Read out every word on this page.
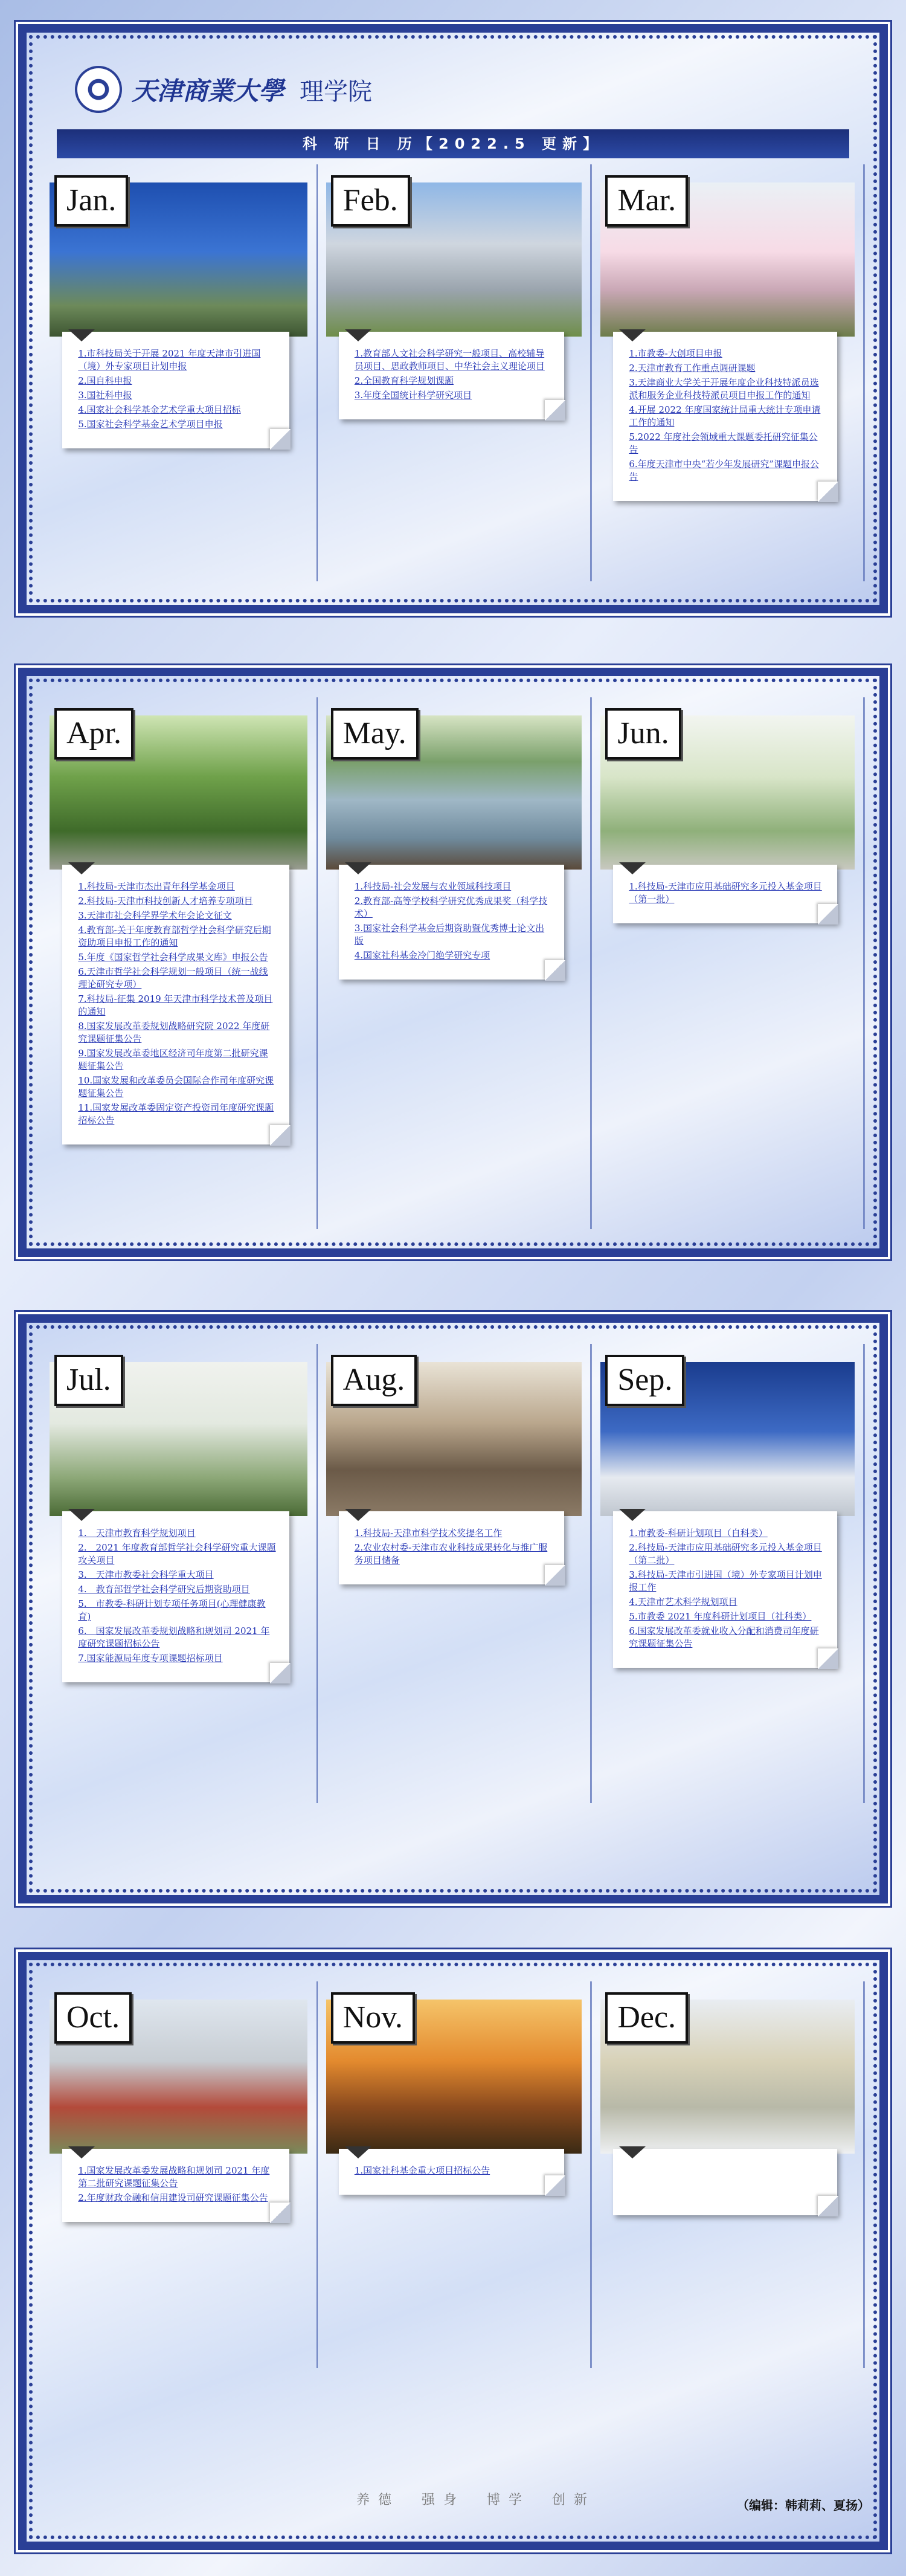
天津商業大學 理学院
科 研 日 历【2022.5 更新】
Jan.
1.市科技局关于开展 2021 年度天津市引进国（境）外专家项目计划申报
2.国自科申报
3.国社科申报
4.国家社会科学基金艺术学重大项目招标
5.国家社会科学基金艺术学项目申报
Feb.
1.教育部人文社会科学研究一般项目、高校辅导员项目、思政教师项目、中华社会主义理论项目
2.全国教育科学规划课题
3.年度全国统计科学研究项目
Mar.
1.市教委-大创项目申报
2.天津市教育工作重点调研课题
3.天津商业大学关于开展年度企业科技特派员选派和服务企业科技特派员项目申报工作的通知
4.开展 2022 年度国家统计局重大统计专项申请工作的通知
5.2022 年度社会领域重大课题委托研究征集公告
6.年度天津市中央“若少年发展研究”课题申报公告
Apr.
1.科技局-天津市杰出青年科学基金项目
2.科技局-天津市科技创新人才培养专项项目
3.天津市社会科学界学术年会论文征文
4.教育部-关于年度教育部哲学社会科学研究后期资助项目申报工作的通知
5.年度《国家哲学社会科学成果文库》申报公告
6.天津市哲学社会科学规划一般项目（统一战线理论研究专项）
7.科技局-征集 2019 年天津市科学技术普及项目的通知
8.国家发展改革委规划战略研究院 2022 年度研究课题征集公告
9.国家发展改革委地区经济司年度第二批研究课题征集公告
10.国家发展和改革委员会国际合作司年度研究课题征集公告
11.国家发展改革委固定资产投资司年度研究课题招标公告
May.
1.科技局-社会发展与农业领域科技项目
2.教育部-高等学校科学研究优秀成果奖（科学技术）
3.国家社会科学基金后期资助暨优秀博士论文出版
4.国家社科基金冷门绝学研究专项
Jun.
1.科技局-天津市应用基础研究多元投入基金项目（第一批）
Jul.
1.　天津市教育科学规划项目
2.　2021 年度教育部哲学社会科学研究重大课题攻关项目
3.　天津市教委社会科学重大项目
4.　教育部哲学社会科学研究后期资助项目
5.　市教委-科研计划专项任务项目(心理健康教育)
6.　国家发展改革委规划战略和规划司 2021 年度研究课题招标公告
7.国家能源局年度专项课题招标项目
Aug.
1.科技局-天津市科学技术奖提名工作
2.农业农村委-天津市农业科技成果转化与推广服务项目储备
Sep.
1.市教委-科研计划项目（自科类）
2.科技局-天津市应用基础研究多元投入基金项目（第二批）
3.科技局-天津市引进国（境）外专家项目计划申报工作
4.天津市艺术科学规划项目
5.市教委 2021 年度科研计划项目（社科类）
6.国家发展改革委就业收入分配和消费司年度研究课题征集公告
Oct.
1.国家发展改革委发展战略和规划司 2021 年度第二批研究课题征集公告
2.年度财政金融和信用建设司研究课题征集公告
Nov.
1.国家社科基金重大项目招标公告
Dec.
养德　强身　博学　创新	（编辑：韩莉莉、夏扬）
